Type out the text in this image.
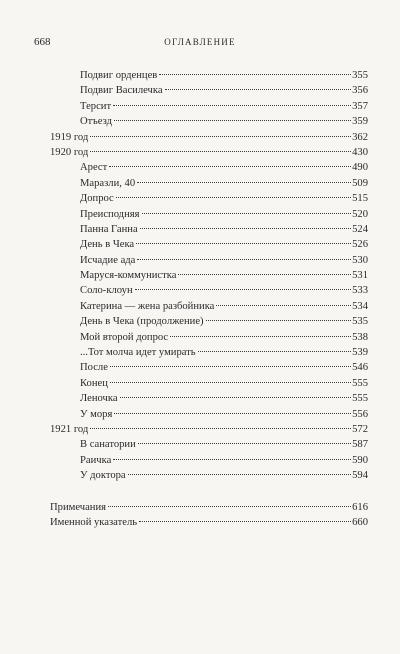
668	ОГЛАВЛЕНИЕ
Подвиг орденцев	355
Подвиг Василечка	356
Терсит	357
Отъезд	359
1919 год	362
1920 год	430
Арест	490
Маразли, 40	509
Допрос	515
Преисподняя	520
Панна Ганна	524
День в Чека	526
Исчадие ада	530
Маруся-коммунистка	531
Соло-клоун	533
Катерина — жена разбойника	534
День в Чека (продолжение)	535
Мой второй допрос	538
...Тот молча идет умирать	539
После	546
Конец	555
Леночка	555
У моря	556
1921 год	572
В санатории	587
Раичка	590
У доктора	594
Примечания	616
Именной указатель	660
